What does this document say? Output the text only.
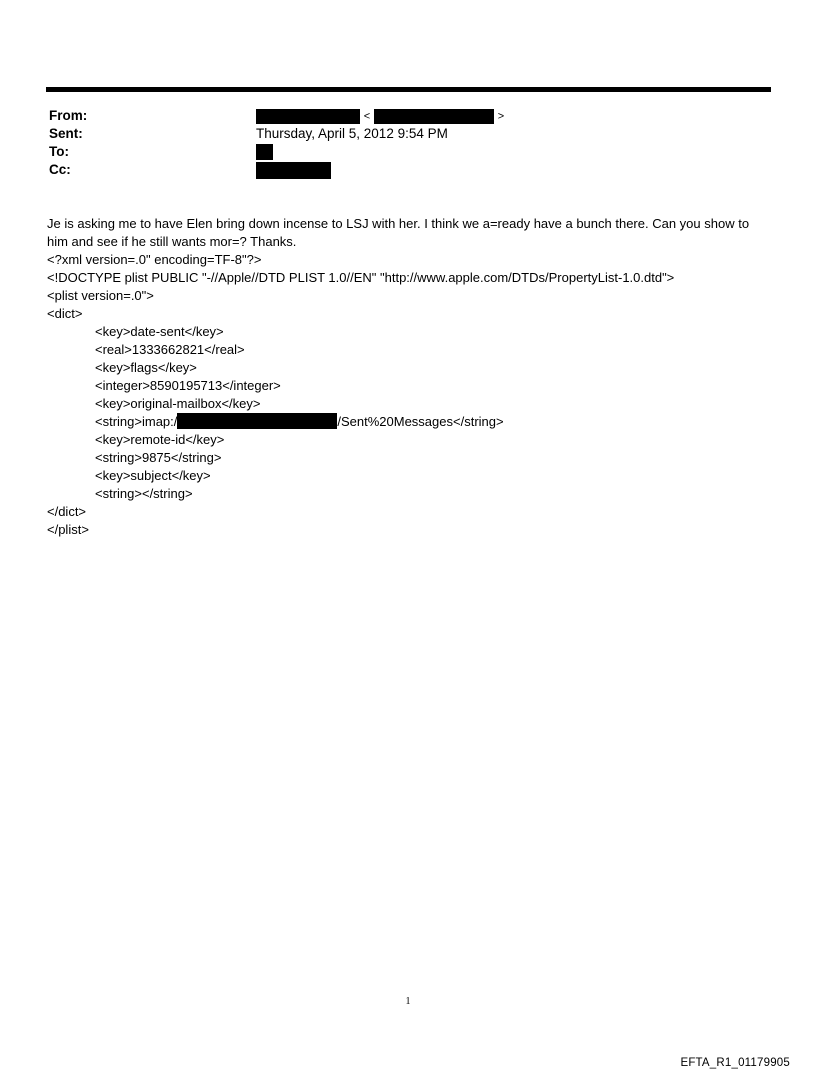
From:	<	>
Sent:	Thursday, April 5, 2012 9:54 PM
To:
Cc:

Je is asking me to have Elen bring down incense to LSJ with her. I think we a=ready have a bunch there. Can you show to him and see if he still wants mor=? Thanks.

<?xml version=.0" encoding=TF-8"?>
<!DOCTYPE plist PUBLIC "-//Apple//DTD PLIST 1.0//EN" "http://www.apple.com/DTDs/PropertyList-1.0.dtd">
<plist version=.0">
<dict>
<key>date-sent</key>
<real>1333662821</real>
<key>flags</key>
<integer>8590195713</integer>
<key>original-mailbox</key>
<string>imap:/	/Sent%20Messages</string>
<key>remote-id</key>
<string>9875</string>
<key>subject</key>
<string></string>
</dict>
</plist>
1
EFTA_R1_01179905
